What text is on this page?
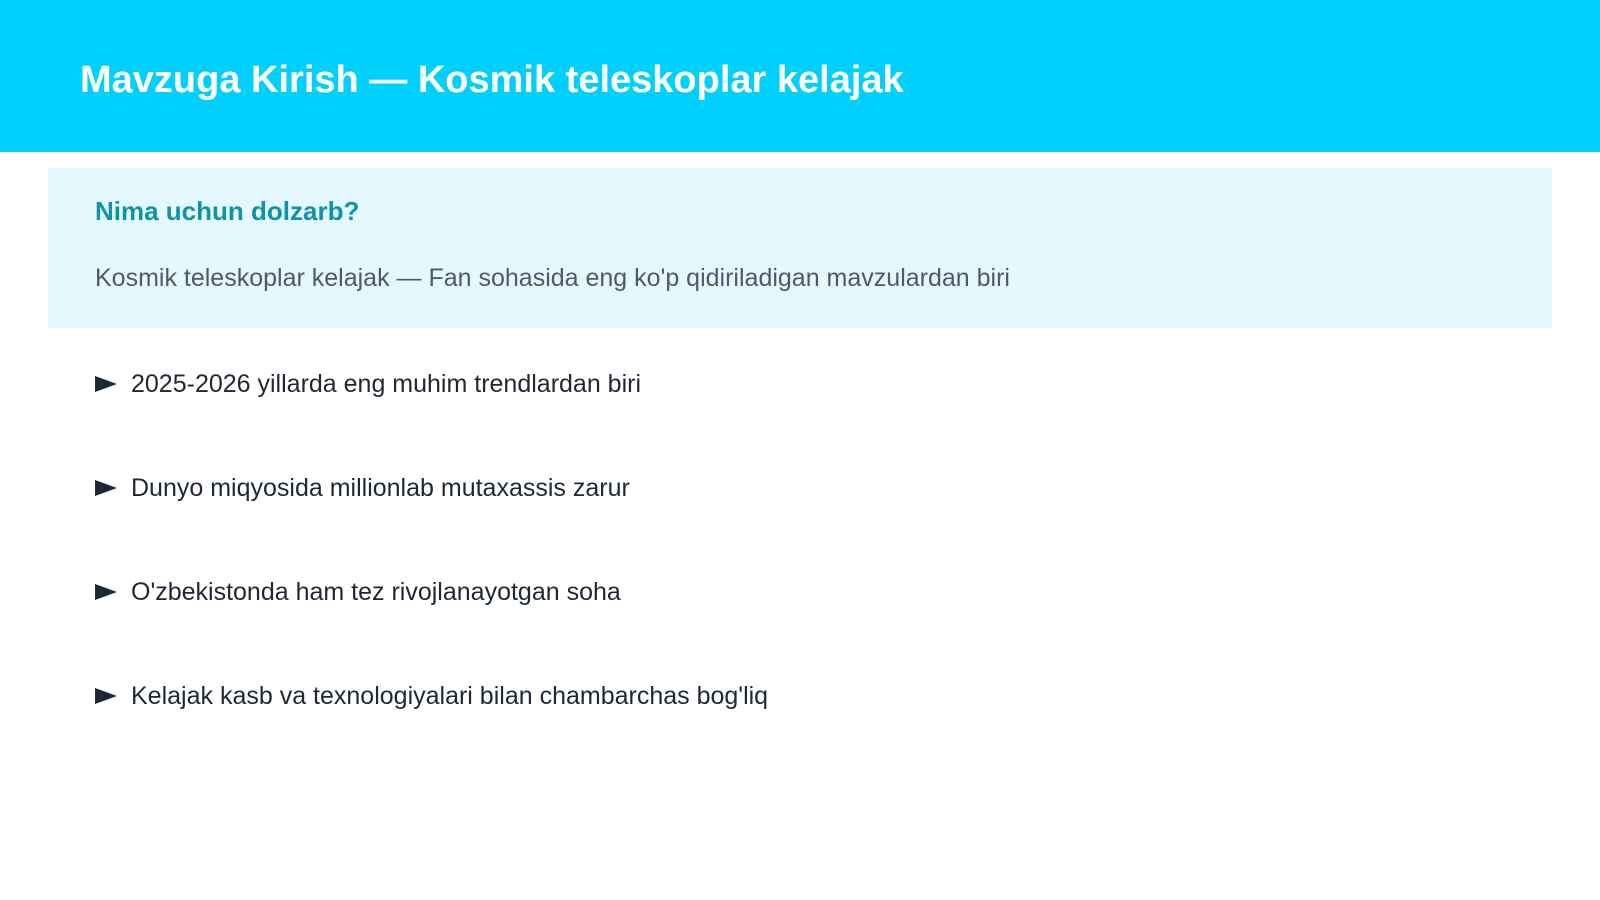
Mavzuga Kirish — Kosmik teleskoplar kelajak
Nima uchun dolzarb?
Kosmik teleskoplar kelajak — Fan sohasida eng ko'p qidiriladigan mavzulardan biri
2025-2026 yillarda eng muhim trendlardan biri
Dunyo miqyosida millionlab mutaxassis zarur
O'zbekistonda ham tez rivojlanayotgan soha
Kelajak kasb va texnologiyalari bilan chambarchas bog'liq
